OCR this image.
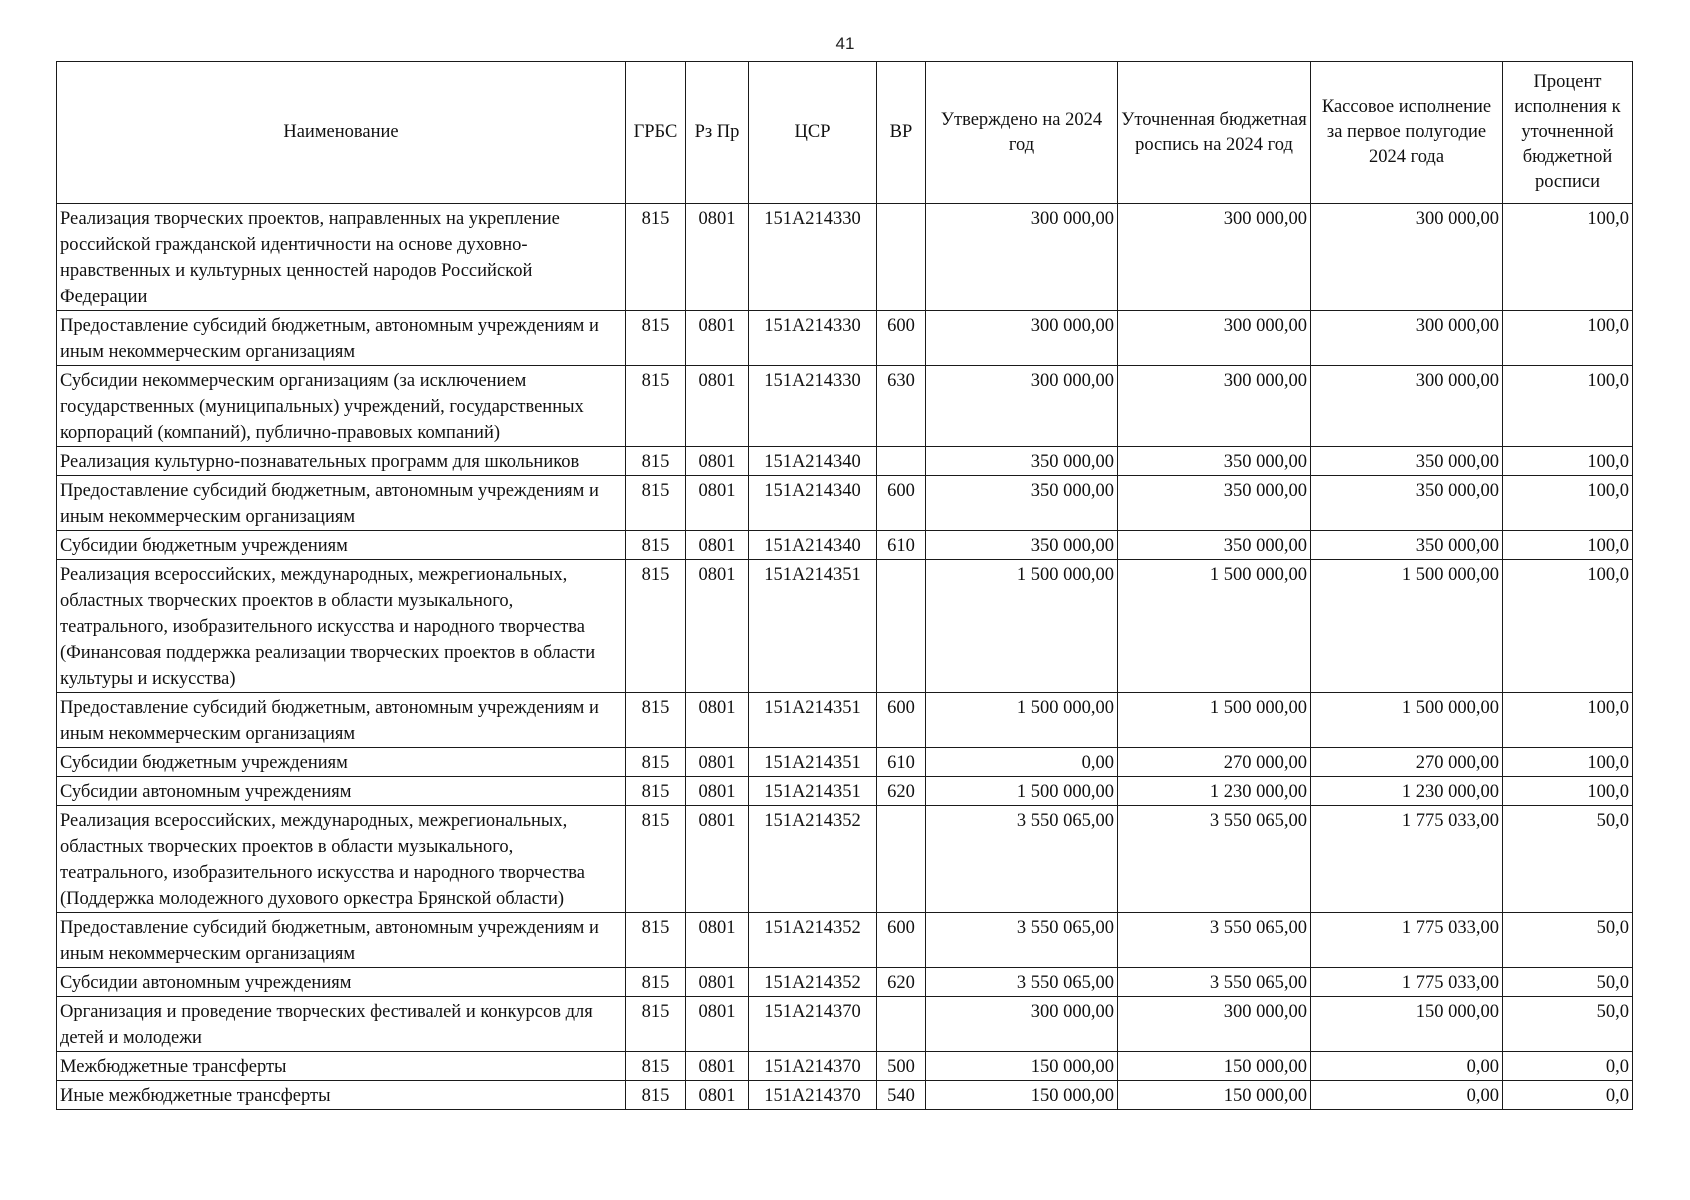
41
Наименование	ГРБС	Рз Пр	ЦСР	ВР	Утверждено на 2024 год	Уточненная бюджетная роспись на 2024 год	Кассовое исполнение за первое полугодие 2024 года	Процент исполнения к уточненной бюджетной росписи
Реализация творческих проектов, направленных на укрепление российской гражданской идентичности на основе духовно-нравственных и культурных ценностей народов Российской Федерации	815	0801	151A214330		300 000,00	300 000,00	300 000,00	100,0
Предоставление субсидий бюджетным, автономным учреждениям и иным некоммерческим организациям	815	0801	151A214330	600	300 000,00	300 000,00	300 000,00	100,0
Субсидии некоммерческим организациям (за исключением государственных (муниципальных) учреждений, государственных корпораций (компаний), публично-правовых компаний)	815	0801	151A214330	630	300 000,00	300 000,00	300 000,00	100,0
Реализация культурно-познавательных программ для школьников	815	0801	151A214340		350 000,00	350 000,00	350 000,00	100,0
Предоставление субсидий бюджетным, автономным учреждениям и иным некоммерческим организациям	815	0801	151A214340	600	350 000,00	350 000,00	350 000,00	100,0
Субсидии бюджетным учреждениям	815	0801	151A214340	610	350 000,00	350 000,00	350 000,00	100,0
Реализация всероссийских, международных, межрегиональных, областных творческих проектов в области музыкального, театрального, изобразительного искусства и народного творчества (Финансовая поддержка реализации творческих проектов в области культуры и искусства)	815	0801	151A214351		1 500 000,00	1 500 000,00	1 500 000,00	100,0
Предоставление субсидий бюджетным, автономным учреждениям и иным некоммерческим организациям	815	0801	151A214351	600	1 500 000,00	1 500 000,00	1 500 000,00	100,0
Субсидии бюджетным учреждениям	815	0801	151A214351	610	0,00	270 000,00	270 000,00	100,0
Субсидии автономным учреждениям	815	0801	151A214351	620	1 500 000,00	1 230 000,00	1 230 000,00	100,0
Реализация всероссийских, международных, межрегиональных, областных творческих проектов в области музыкального, театрального, изобразительного искусства и народного творчества (Поддержка молодежного духового оркестра Брянской области)	815	0801	151A214352		3 550 065,00	3 550 065,00	1 775 033,00	50,0
Предоставление субсидий бюджетным, автономным учреждениям и иным некоммерческим организациям	815	0801	151A214352	600	3 550 065,00	3 550 065,00	1 775 033,00	50,0
Субсидии автономным учреждениям	815	0801	151A214352	620	3 550 065,00	3 550 065,00	1 775 033,00	50,0
Организация и проведение творческих фестивалей и конкурсов для детей и молодежи	815	0801	151A214370		300 000,00	300 000,00	150 000,00	50,0
Межбюджетные трансферты	815	0801	151A214370	500	150 000,00	150 000,00	0,00	0,0
Иные межбюджетные трансферты	815	0801	151A214370	540	150 000,00	150 000,00	0,00	0,0
